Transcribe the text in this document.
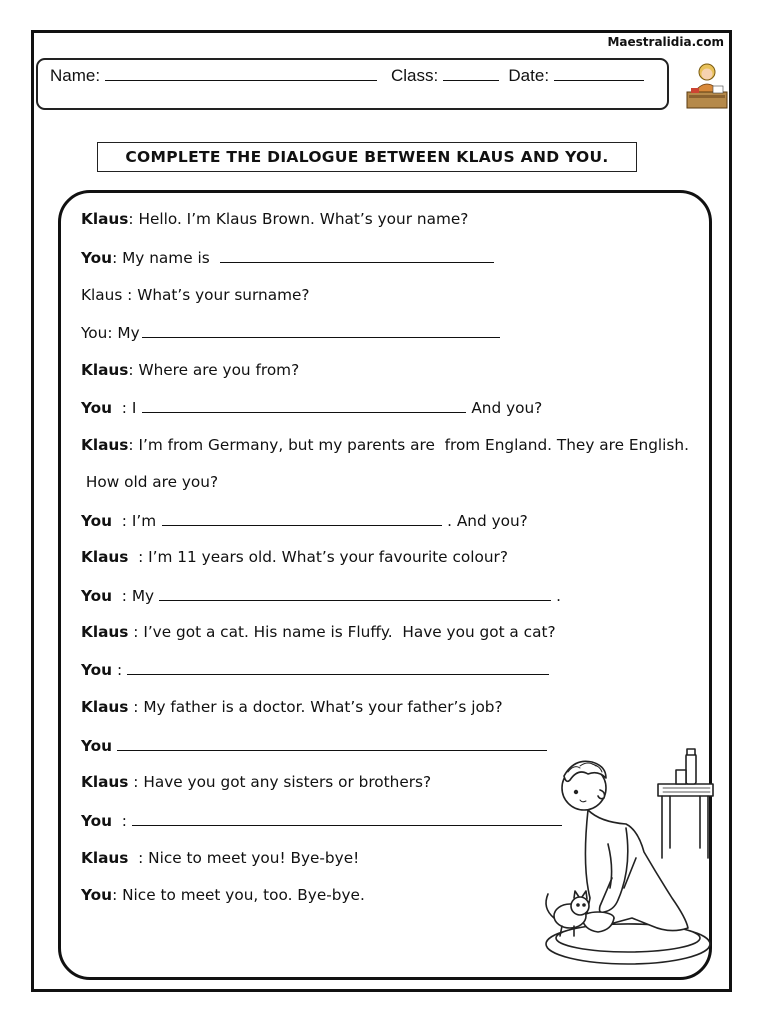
Maestralidia.com
Name:	Class:	Date:
COMPLETE THE DIALOGUE BETWEEN KLAUS AND YOU.
Klaus: Hello. I’m Klaus Brown. What’s your name?
You: My name is
Klaus : What’s your surname?
You: My
Klaus: Where are you from?
You  : I	And you?
Klaus: I’m from Germany, but my parents are  from England. They are English.
How old are you?
You  : I’m	. And you?
Klaus  : I’m 11 years old. What’s your favourite colour?
You  : My	.
Klaus : I’ve got a cat. His name is Fluffy.  Have you got a cat?
You :
Klaus : My father is a doctor. What’s your father’s job?
You
Klaus : Have you got any sisters or brothers?
You  :
Klaus  : Nice to meet you! Bye-bye!
You: Nice to meet you, too. Bye-bye.
